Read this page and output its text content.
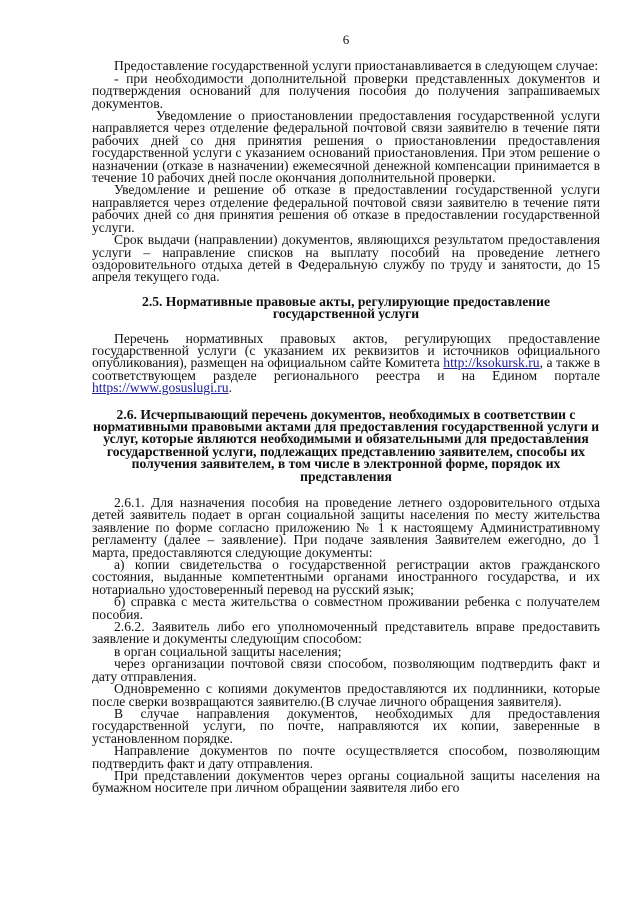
6

Предоставление государственной услуги приостанавливается в следующем случае:

- при необходимости дополнительной проверки представленных документов и подтверждения оснований для получения пособия до получения запрашиваемых документов.

Уведомление о приостановлении предоставления государственной услуги направляется через отделение федеральной почтовой связи заявителю в течение пяти рабочих дней со дня принятия решения о приостановлении предоставления государственной услуги с указанием оснований приостановления. При этом решение о назначении (отказе в назначении) ежемесячной денежной компенсации принимается в течение 10 рабочих дней после окончания дополнительной проверки.

Уведомление и решение об отказе в предоставлении государственной услуги направляется через отделение федеральной почтовой связи заявителю в течение пяти рабочих дней со дня принятия решения об отказе в предоставлении государственной услуги.

Срок выдачи (направлении) документов, являющихся результатом предоставления услуги – направление списков на выплату пособий на проведение летнего оздоровительного отдыха детей в Федеральную службу по труду и занятости, до 15 апреля текущего года.

2.5. Нормативные правовые акты, регулирующие предоставление государственной услуги

Перечень нормативных правовых актов, регулирующих предоставление государственной услуги (с указанием их реквизитов и источников официального опубликования), размещен на официальном сайте Комитета http://ksokursk.ru, а также в соответствующем разделе регионального реестра и на Едином портале https://www.gosuslugi.ru.

2.6. Исчерпывающий перечень документов, необходимых в соответствии с нормативными правовыми актами для предоставления государственной услуги и услуг, которые являются необходимыми и обязательными для предоставления государственной услуги, подлежащих представлению заявителем, способы их получения заявителем, в том числе в электронной форме, порядок их представления

2.6.1. Для назначения пособия на проведение летнего оздоровительного отдыха детей заявитель подает в орган социальной защиты населения по месту жительства заявление по форме согласно приложению № 1 к настоящему Административному регламенту (далее – заявление). При подаче заявления Заявителем ежегодно, до 1 марта, предоставляются следующие документы:

а) копии свидетельства о государственной регистрации актов гражданского состояния, выданные компетентными органами иностранного государства, и их нотариально удостоверенный перевод на русский язык;

б) справка с места жительства о совместном проживании ребенка с получателем пособия.

2.6.2. Заявитель либо его уполномоченный представитель вправе предоставить заявление и документы следующим способом:

в орган социальной защиты населения;

через организации почтовой связи способом, позволяющим подтвердить факт и дату отправления.

Одновременно с копиями документов предоставляются их подлинники, которые после сверки возвращаются заявителю.(В случае личного обращения заявителя).

В случае направления документов, необходимых для предоставления государственной услуги, по почте, направляются их копии, заверенные в установленном порядке.

Направление документов по почте осуществляется способом, позволяющим подтвердить факт и дату отправления.

При представлении документов через органы социальной защиты населения на бумажном носителе при личном обращении заявителя либо его
